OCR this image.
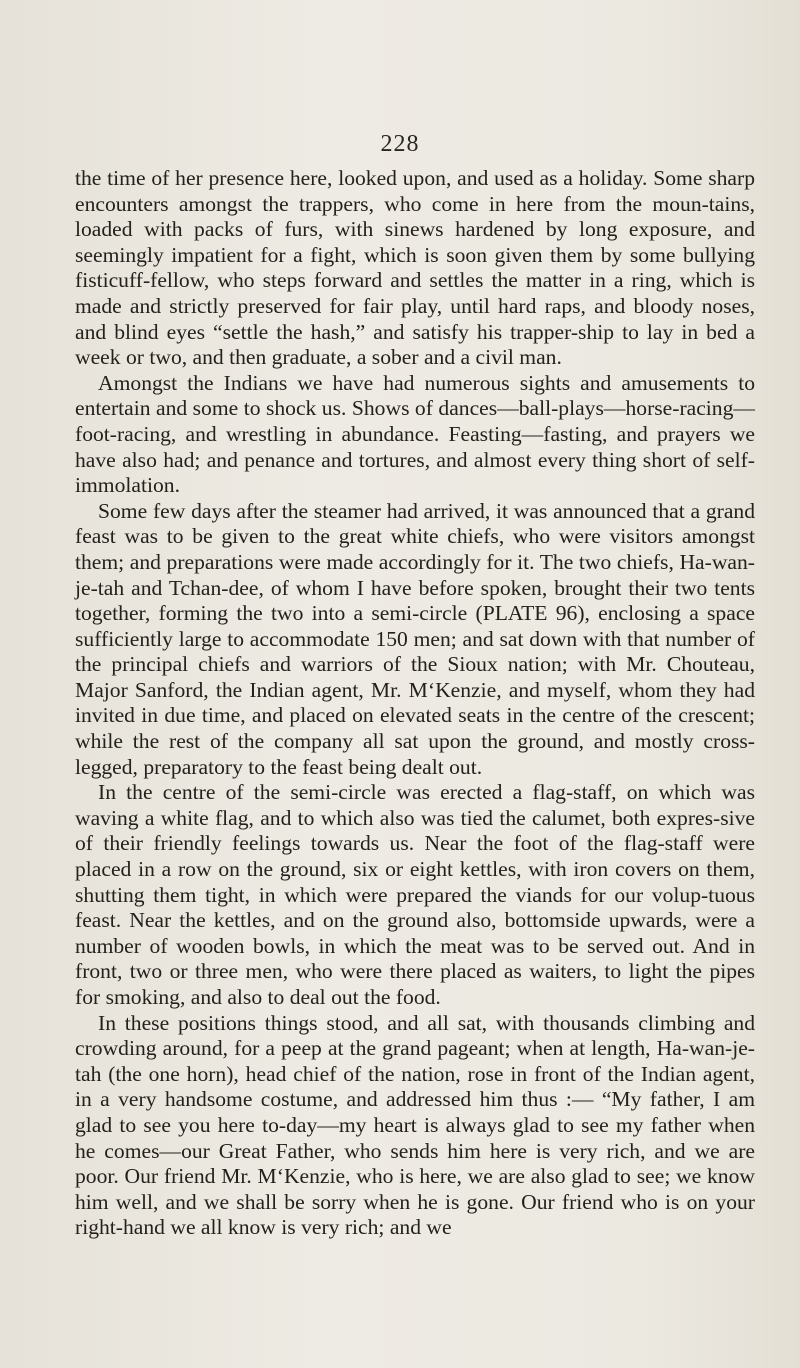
228

the time of her presence here, looked upon, and used as a holiday. Some sharp encounters amongst the trappers, who come in here from the moun-tains, loaded with packs of furs, with sinews hardened by long exposure, and seemingly impatient for a fight, which is soon given them by some bullying fisticuff-fellow, who steps forward and settles the matter in a ring, which is made and strictly preserved for fair play, until hard raps, and bloody noses, and blind eyes “settle the hash,” and satisfy his trapper-ship to lay in bed a week or two, and then graduate, a sober and a civil man.

Amongst the Indians we have had numerous sights and amusements to entertain and some to shock us. Shows of dances—ball-plays—horse-racing—foot-racing, and wrestling in abundance. Feasting—fasting, and prayers we have also had; and penance and tortures, and almost every thing short of self-immolation.

Some few days after the steamer had arrived, it was announced that a grand feast was to be given to the great white chiefs, who were visitors amongst them; and preparations were made accordingly for it. The two chiefs, Ha-wan-je-tah and Tchan-dee, of whom I have before spoken, brought their two tents together, forming the two into a semi-circle (PLATE 96), enclosing a space sufficiently large to accommodate 150 men; and sat down with that number of the principal chiefs and warriors of the Sioux nation; with Mr. Chouteau, Major Sanford, the Indian agent, Mr. M‘Kenzie, and myself, whom they had invited in due time, and placed on elevated seats in the centre of the crescent; while the rest of the company all sat upon the ground, and mostly cross-legged, preparatory to the feast being dealt out.

In the centre of the semi-circle was erected a flag-staff, on which was waving a white flag, and to which also was tied the calumet, both expres-sive of their friendly feelings towards us. Near the foot of the flag-staff were placed in a row on the ground, six or eight kettles, with iron covers on them, shutting them tight, in which were prepared the viands for our volup-tuous feast. Near the kettles, and on the ground also, bottomside upwards, were a number of wooden bowls, in which the meat was to be served out. And in front, two or three men, who were there placed as waiters, to light the pipes for smoking, and also to deal out the food.

In these positions things stood, and all sat, with thousands climbing and crowding around, for a peep at the grand pageant; when at length, Ha-wan-je-tah (the one horn), head chief of the nation, rose in front of the Indian agent, in a very handsome costume, and addressed him thus :— “My father, I am glad to see you here to-day—my heart is always glad to see my father when he comes—our Great Father, who sends him here is very rich, and we are poor. Our friend Mr. M‘Kenzie, who is here, we are also glad to see; we know him well, and we shall be sorry when he is gone. Our friend who is on your right-hand we all know is very rich; and we
